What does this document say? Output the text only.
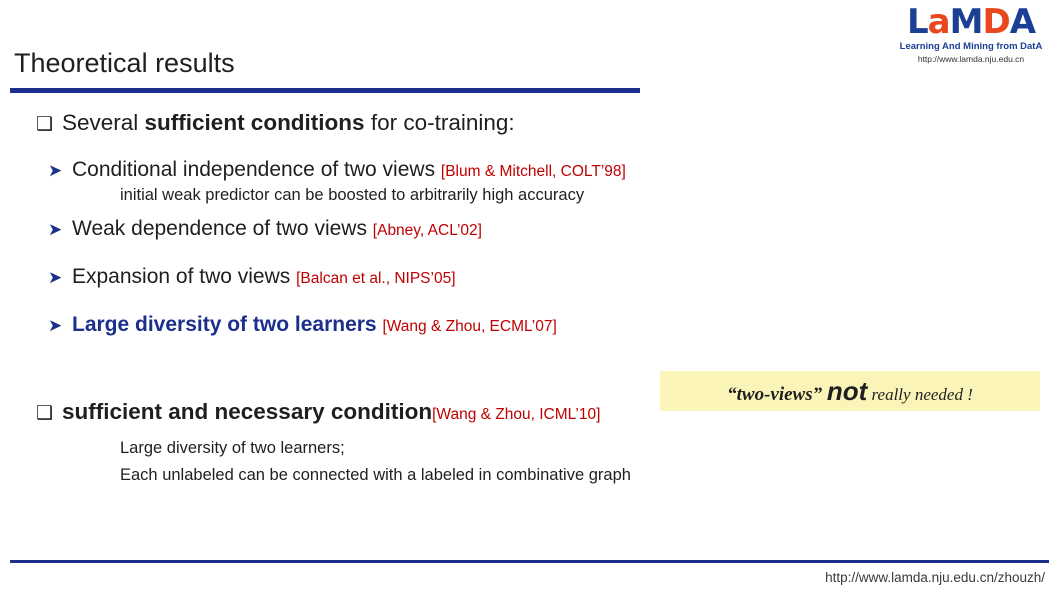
LaMDA
Learning And Mining from DatA
http://www.lamda.nju.edu.cn
Theoretical results
❑ Several sufficient conditions for co-training:
➤ Conditional independence of two views [Blum & Mitchell, COLT’98]
initial weak predictor can be boosted to arbitrarily high accuracy
➤ Weak dependence of two views [Abney, ACL’02]
➤ Expansion of two views [Balcan et al., NIPS’05]
➤ Large diversity of two learners [Wang & Zhou, ECML’07]
❑ sufficient and necessary condition[Wang & Zhou, ICML’10]
Large diversity of two learners;
Each unlabeled can be connected with a labeled in combinative graph
“two-views” not really needed !
http://www.lamda.nju.edu.cn/zhouzh/
